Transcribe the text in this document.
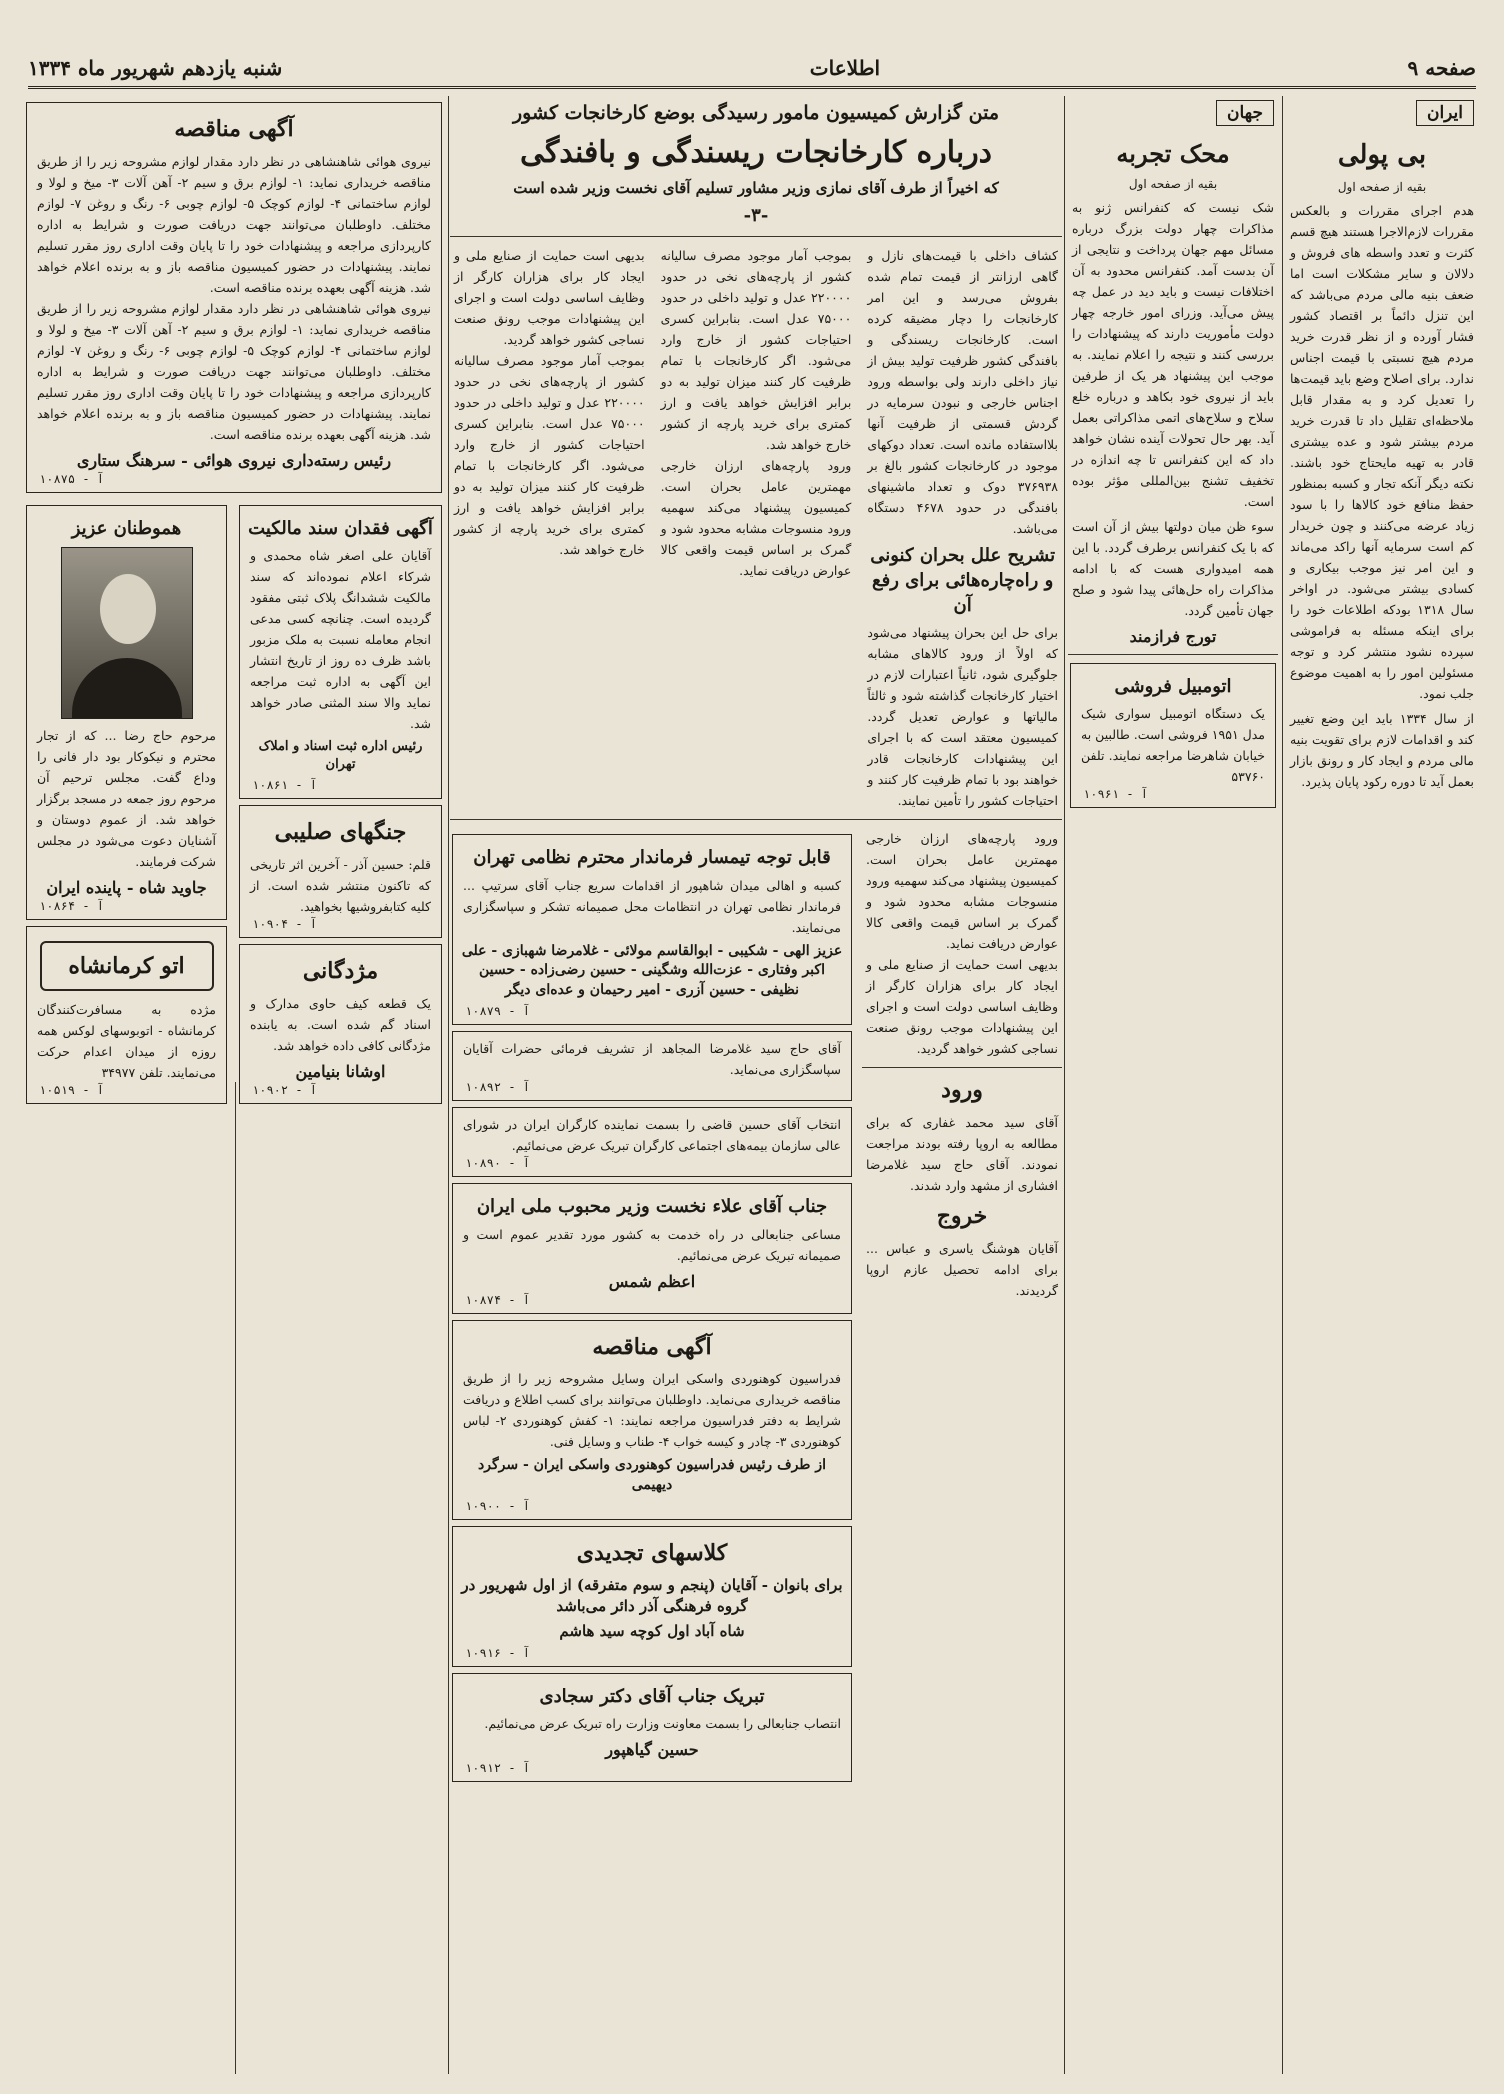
صفحه ۹
اطلاعات
شنبه یازدهم شهریور ماه ۱۳۳۴
ایران
بی پولی
بقیه از صفحه اول

هدم اجرای مقررات و بالعکس مقررات لازم‌الاجرا هستند هیچ قسم کثرت و تعدد واسطه های فروش و دلالان و سایر مشکلات است اما ضعف بنیه مالی مردم می‌باشد که این تنزل دائماً بر اقتصاد کشور فشار آورده و از نظر قدرت خرید مردم هیچ نسبتی با قیمت اجناس ندارد. برای اصلاح وضع باید قیمت‌ها را تعدیل کرد و به مقدار قابل ملاحظه‌ای تقلیل داد تا قدرت خرید مردم بیشتر شود و عده بیشتری قادر به تهیه مایحتاج خود باشند. نکته دیگر آنکه تجار و کسبه بمنظور حفظ منافع خود کالاها را با سود زیاد عرضه می‌کنند و چون خریدار کم است سرمایه آنها راکد می‌ماند و این امر نیز موجب بیکاری و کسادی بیشتر می‌شود. در اواخر سال ۱۳۱۸ بودکه اطلاعات خود را برای اینکه مسئله به فراموشی سپرده نشود منتشر کرد و توجه مسئولین امور را به اهمیت موضوع جلب نمود.

از سال ۱۳۳۴ باید این وضع تغییر کند و اقدامات لازم برای تقویت بنیه مالی مردم و ایجاد کار و رونق بازار بعمل آید تا دوره رکود پایان پذیرد.

جهان
محک تجربه
بقیه از صفحه اول

شک نیست که کنفرانس ژنو به مذاکرات چهار دولت بزرگ درباره مسائل مهم جهان پرداخت و نتایجی از آن بدست آمد. کنفرانس محدود به آن اختلافات نیست و باید دید در عمل چه پیش می‌آید. وزرای امور خارجه چهار دولت مأموریت دارند که پیشنهادات را بررسی کنند و نتیجه را اعلام نمایند. به موجب این پیشنهاد هر یک از طرفین باید از نیروی خود بکاهد و درباره خلع سلاح و سلاح‌های اتمی مذاکراتی بعمل آید. بهر حال تحولات آینده نشان خواهد داد که این کنفرانس تا چه اندازه در تخفیف تشنج بین‌المللی مؤثر بوده است.

سوء ظن میان دولتها بیش از آن است که با یک کنفرانس برطرف گردد. با این همه امیدواری هست که با ادامه مذاکرات راه حل‌هائی پیدا شود و صلح جهان تأمین گردد.

تورج فرازمند
اتومبیل فروشی
یک دستگاه اتومبیل سواری شیک مدل ۱۹۵۱ فروشی است. طالبین به خیابان شاهرضا مراجعه نمایند. تلفن ۵۳۷۶۰
آ - ۱۰۹۶۱
متن گزارش کمیسیون مامور رسیدگی بوضع کارخانجات کشور
درباره کارخانجات ریسندگی و بافندگی
که اخیراً از طرف آقای نمازی وزیر مشاور تسلیم آقای نخست وزیر شده است
-۳-
کشاف داخلی با قیمت‌های نازل و گاهی ارزانتر از قیمت تمام شده بفروش می‌رسد و این امر کارخانجات را دچار مضیقه کرده است. کارخانجات ریسندگی و بافندگی کشور ظرفیت تولید بیش از نیاز داخلی دارند ولی بواسطه ورود اجناس خارجی و نبودن سرمایه در گردش قسمتی از ظرفیت آنها بلااستفاده مانده است. تعداد دوکهای موجود در کارخانجات کشور بالغ بر ۳۷۶۹۳۸ دوک و تعداد ماشینهای بافندگی در حدود ۴۶۷۸ دستگاه می‌باشد.
تشریح علل بحران کنونی و راه‌چاره‌هائی برای رفع آن
برای حل این بحران پیشنهاد می‌شود که اولاً از ورود کالاهای مشابه جلوگیری شود، ثانیاً اعتبارات لازم در اختیار کارخانجات گذاشته شود و ثالثاً مالیاتها و عوارض تعدیل گردد. کمیسیون معتقد است که با اجرای این پیشنهادات کارخانجات قادر خواهند بود با تمام ظرفیت کار کنند و احتیاجات کشور را تأمین نمایند.
بموجب آمار موجود مصرف سالیانه کشور از پارچه‌های نخی در حدود ۲۲۰۰۰۰ عدل و تولید داخلی در حدود ۷۵۰۰۰ عدل است. بنابراین کسری احتیاجات کشور از خارج وارد می‌شود. اگر کارخانجات با تمام ظرفیت کار کنند میزان تولید به دو برابر افزایش خواهد یافت و ارز کمتری برای خرید پارچه از کشور خارج خواهد شد.
ورود پارچه‌های ارزان خارجی مهمترین عامل بحران است. کمیسیون پیشنهاد می‌کند سهمیه ورود منسوجات مشابه محدود شود و گمرک بر اساس قیمت واقعی کالا عوارض دریافت نماید.
بدیهی است حمایت از صنایع ملی و ایجاد کار برای هزاران کارگر از وظایف اساسی دولت است و اجرای این پیشنهادات موجب رونق صنعت نساجی کشور خواهد گردید.
بموجب آمار موجود مصرف سالیانه کشور از پارچه‌های نخی در حدود ۲۲۰۰۰۰ عدل و تولید داخلی در حدود ۷۵۰۰۰ عدل است. بنابراین کسری احتیاجات کشور از خارج وارد می‌شود. اگر کارخانجات با تمام ظرفیت کار کنند میزان تولید به دو برابر افزایش خواهد یافت و ارز کمتری برای خرید پارچه از کشور خارج خواهد شد.
ورود پارچه‌های ارزان خارجی مهمترین عامل بحران است. کمیسیون پیشنهاد می‌کند سهمیه ورود منسوجات مشابه محدود شود و گمرک بر اساس قیمت واقعی کالا عوارض دریافت نماید.
بدیهی است حمایت از صنایع ملی و ایجاد کار برای هزاران کارگر از وظایف اساسی دولت است و اجرای این پیشنهادات موجب رونق صنعت نساجی کشور خواهد گردید.
ورود
آقای سید محمد غفاری که برای مطالعه به اروپا رفته بودند مراجعت نمودند. آقای حاج سید غلامرضا افشاری از مشهد وارد شدند.
خروج
آقایان هوشنگ یاسری و عباس ... برای ادامه تحصیل عازم اروپا گردیدند.
قابل توجه تیمسار فرماندار محترم نظامی تهران
کسبه و اهالی میدان شاهپور از اقدامات سریع جناب آقای سرتیپ ... فرماندار نظامی تهران در انتظامات محل صمیمانه تشکر و سپاسگزاری می‌نمایند.
عزیز الهی - شکیبی - ابوالقاسم مولائی - غلامرضا شهبازی - علی اکبر وفتاری - عزت‌الله وشگینی - حسین رضی‌زاده - حسین نظیفی - حسین آزری - امیر رحیمان و عده‌ای دیگر
آ - ۱۰۸۷۹
آقای حاج سید غلامرضا المجاهد از تشریف فرمائی حضرات آقایان سپاسگزاری می‌نماید.
آ - ۱۰۸۹۲
انتخاب آقای حسین قاضی را بسمت نماینده کارگران ایران در شورای عالی سازمان بیمه‌های اجتماعی کارگران تبریک عرض می‌نمائیم.
آ - ۱۰۸۹۰
جناب آقای علاء نخست وزیر محبوب ملی ایران
مساعی جنابعالی در راه خدمت به کشور مورد تقدیر عموم است و صمیمانه تبریک عرض می‌نمائیم.
اعظم شمس
آ - ۱۰۸۷۴
آگهی مناقصه
فدراسیون کوهنوردی واسکی ایران وسایل مشروحه زیر را از طریق مناقصه خریداری می‌نماید. داوطلبان می‌توانند برای کسب اطلاع و دریافت شرایط به دفتر فدراسیون مراجعه نمایند: ۱- کفش کوهنوردی ۲- لباس کوهنوردی ۳- چادر و کیسه خواب ۴- طناب و وسایل فنی.
از طرف رئیس فدراسیون کوهنوردی واسکی ایران - سرگرد دیهیمی
آ - ۱۰۹۰۰
کلاسهای تجدیدی
برای بانوان - آقایان (پنجم و سوم متفرقه) از اول شهریور در گروه فرهنگی آذر دائر می‌باشد
شاه آباد اول کوچه سید هاشم
آ - ۱۰۹۱۶
تبریک جناب آقای دکتر سجادی
انتصاب جنابعالی را بسمت معاونت وزارت راه تبریک عرض می‌نمائیم.
حسین گیاهپور
آ - ۱۰۹۱۲
آگهی مناقصه
نیروی هوائی شاهنشاهی در نظر دارد مقدار لوازم مشروحه زیر را از طریق مناقصه خریداری نماید: ۱- لوازم برق و سیم ۲- آهن آلات ۳- میخ و لولا و لوازم ساختمانی ۴- لوازم کوچک ۵- لوازم چوبی ۶- رنگ و روغن ۷- لوازم مختلف. داوطلبان می‌توانند جهت دریافت صورت و شرایط به اداره کارپردازی مراجعه و پیشنهادات خود را تا پایان وقت اداری روز مقرر تسلیم نمایند. پیشنهادات در حضور کمیسیون مناقصه باز و به برنده اعلام خواهد شد. هزینه آگهی بعهده برنده مناقصه است.
نیروی هوائی شاهنشاهی در نظر دارد مقدار لوازم مشروحه زیر را از طریق مناقصه خریداری نماید: ۱- لوازم برق و سیم ۲- آهن آلات ۳- میخ و لولا و لوازم ساختمانی ۴- لوازم کوچک ۵- لوازم چوبی ۶- رنگ و روغن ۷- لوازم مختلف. داوطلبان می‌توانند جهت دریافت صورت و شرایط به اداره کارپردازی مراجعه و پیشنهادات خود را تا پایان وقت اداری روز مقرر تسلیم نمایند. پیشنهادات در حضور کمیسیون مناقصه باز و به برنده اعلام خواهد شد. هزینه آگهی بعهده برنده مناقصه است.
رئیس رسته‌داری نیروی هوائی - سرهنگ ستاری
آ - ۱۰۸۷۵
آگهی فقدان سند مالکیت
آقایان علی اصغر شاه محمدی و شرکاء اعلام نموده‌اند که سند مالکیت ششدانگ پلاک ثبتی مفقود گردیده است. چنانچه کسی مدعی انجام معامله نسبت به ملک مزبور باشد ظرف ده روز از تاریخ انتشار این آگهی به اداره ثبت مراجعه نماید والا سند المثنی صادر خواهد شد.
رئیس اداره ثبت اسناد و املاک تهران
آ - ۱۰۸۶۱
جنگهای صلیبی
قلم: حسین آذر - آخرین اثر تاریخی که تاکنون منتشر شده است. از کلیه کتابفروشیها بخواهید.
آ - ۱۰۹۰۴
مژدگانی
یک قطعه کیف حاوی مدارک و اسناد گم شده است. به یابنده مژدگانی کافی داده خواهد شد.
اوشانا بنیامین
آ - ۱۰۹۰۲
هموطنان عزیز
مرحوم حاج رضا ... که از تجار محترم و نیکوکار بود دار فانی را وداع گفت. مجلس ترحیم آن مرحوم روز جمعه در مسجد برگزار خواهد شد. از عموم دوستان و آشنایان دعوت می‌شود در مجلس شرکت فرمایند.
جاوید شاه - پاینده ایران
آ - ۱۰۸۶۴
اتو کرمانشاه
مژده به مسافرت‌کنندگان کرمانشاه - اتوبوسهای لوکس همه روزه از میدان اعدام حرکت می‌نمایند. تلفن ۳۴۹۷۷
آ - ۱۰۵۱۹
